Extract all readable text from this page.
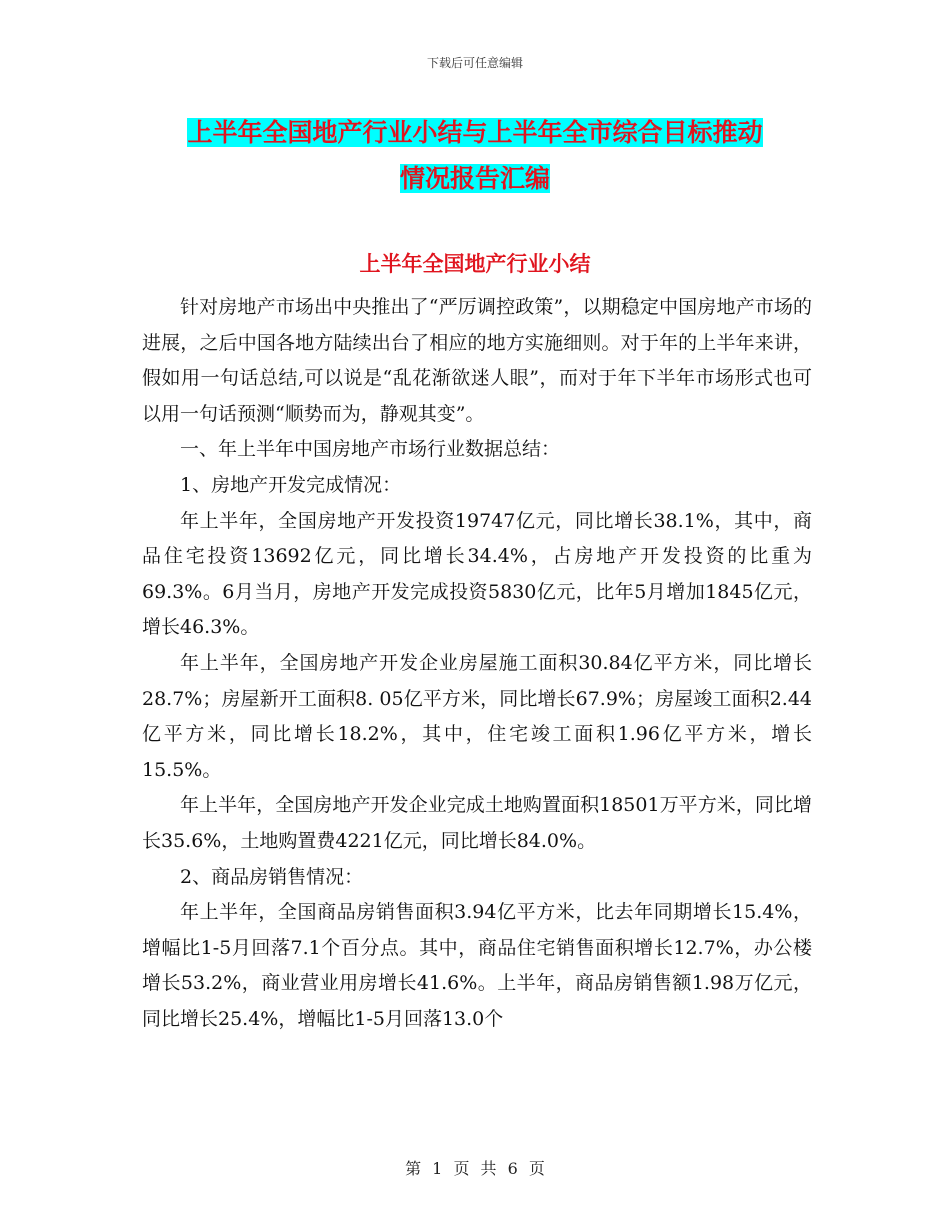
下载后可任意编辑
上半年全国地产行业小结与上半年全市综合目标推动
情况报告汇编
上半年全国地产行业小结

针对房地产市场出中央推出了“严厉调控政策”，以期稳定中国房地产市场的进展，之后中国各地方陆续出台了相应的地方实施细则。对于年的上半年来讲，假如用一句话总结,可以说是“乱花渐欲迷人眼”，而对于年下半年市场形式也可以用一句话预测“顺势而为，静观其变”。

一、年上半年中国房地产市场行业数据总结：

1、房地产开发完成情况：

年上半年，全国房地产开发投资19747亿元，同比增长38.1%，其中，商品住宅投资13692亿元，同比增长34.4%，占房地产开发投资的比重为69.3%。6月当月，房地产开发完成投资5830亿元，比年5月增加1845亿元，增长46.3%。

年上半年，全国房地产开发企业房屋施工面积30.84亿平方米，同比增长28.7%；房屋新开工面积8. 05亿平方米，同比增长67.9%；房屋竣工面积2.44亿平方米，同比增长18.2%，其中，住宅竣工面积1.96亿平方米，增长15.5%。

年上半年，全国房地产开发企业完成土地购置面积18501万平方米，同比增长35.6%，土地购置费4221亿元，同比增长84.0%。

2、商品房销售情况：

年上半年，全国商品房销售面积3.94亿平方米，比去年同期增长15.4%，增幅比1-5月回落7.1个百分点。其中，商品住宅销售面积增长12.7%，办公楼增长53.2%，商业营业用房增长41.6%。上半年，商品房销售额1.98万亿元，同比增长25.4%，增幅比1-5月回落13.0个

第 1 页 共 6 页
